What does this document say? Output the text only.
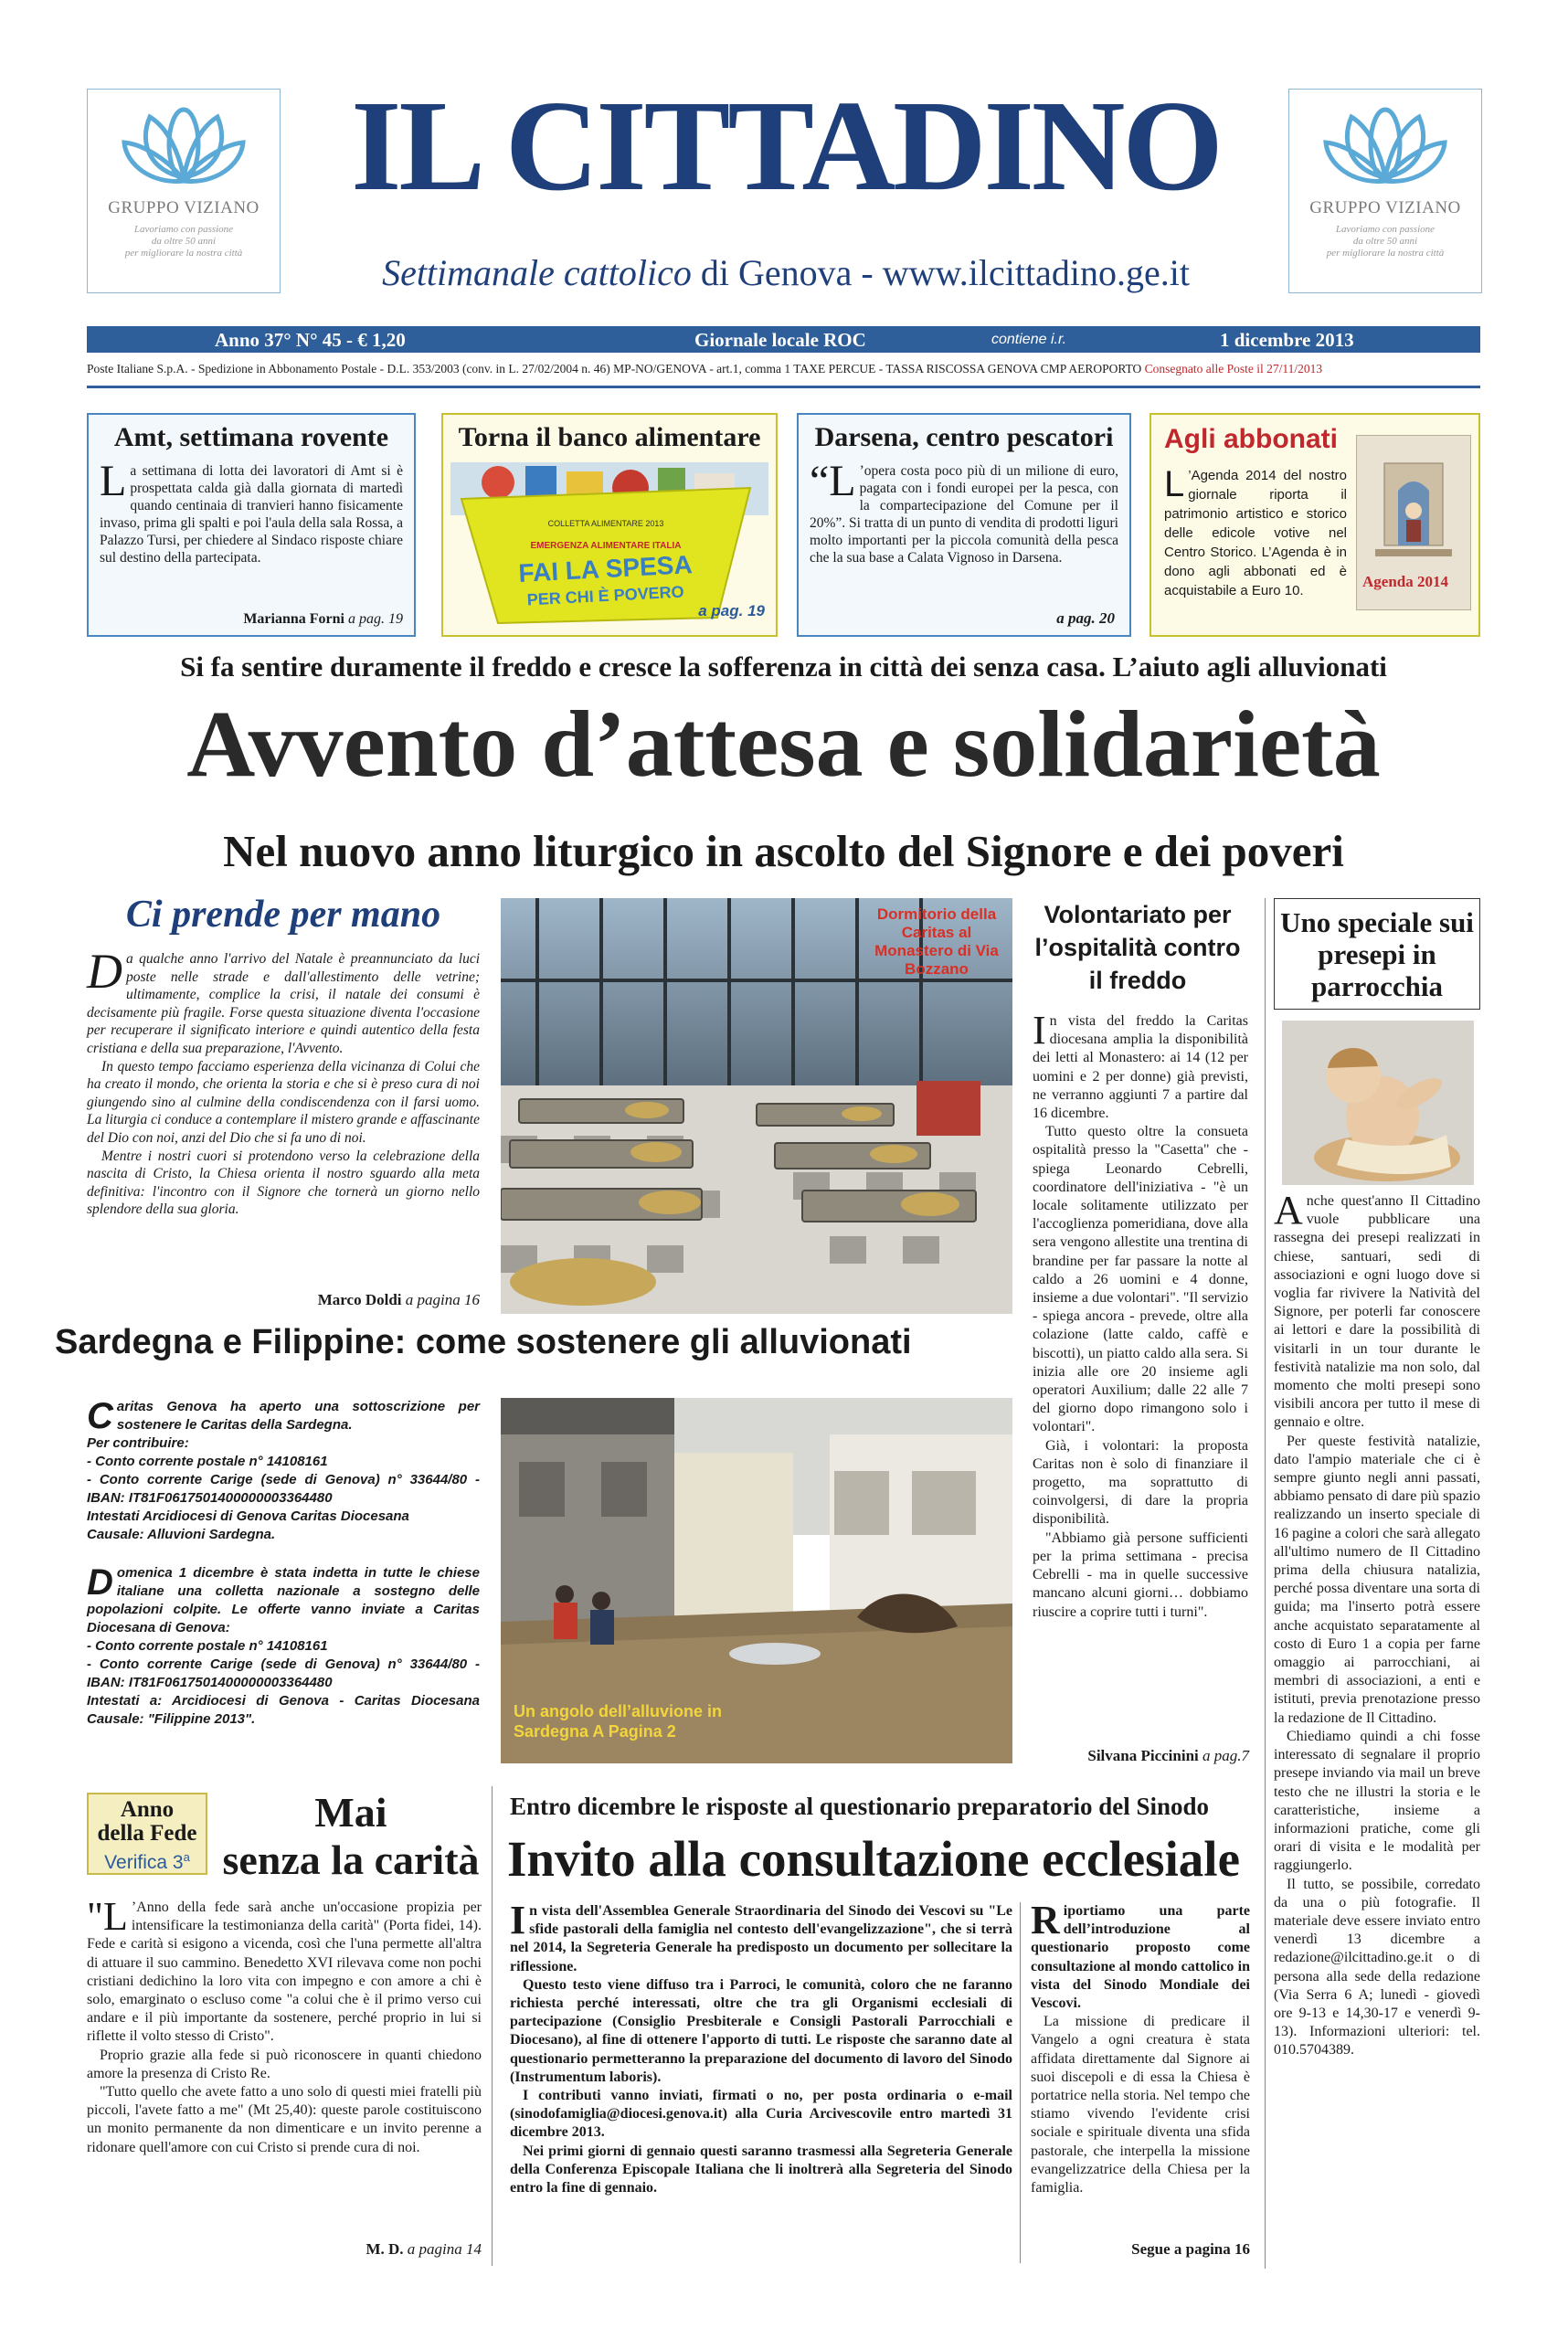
GRUPPO VIZIANO
Lavoriamo con passione
da oltre 50 anni
per migliorare la nostra città
GRUPPO VIZIANO
Lavoriamo con passione
da oltre 50 anni
per migliorare la nostra città
IL CITTADINO
Settimanale cattolico di Genova - www.ilcittadino.ge.it
Anno 37° N° 45 - € 1,20	Giornale locale ROC	contiene i.r.	1 dicembre 2013
Poste Italiane S.p.A. - Spedizione in Abbonamento Postale - D.L. 353/2003 (conv. in L. 27/02/2004 n. 46) MP-NO/GENOVA - art.1, comma 1 TAXE PERCUE - TASSA RISCOSSA GENOVA CMP AEROPORTO Consegnato alle Poste il 27/11/2013
Amt, settimana rovente
La settimana di lotta dei lavoratori di Amt si è prospettata calda già dalla giornata di martedì quando centinaia di tranvieri hanno fisicamente invaso, prima gli spalti e poi l'aula della sala Rossa, a Palazzo Tursi, per chiedere al Sindaco risposte chiare sul destino della partecipata.
Marianna Forni a pag. 19
Torna il banco alimentare
COLLETTA ALIMENTARE 2013
EMERGENZA ALIMENTARE ITALIA
FAI LA SPESA
PER CHI È POVERO
a pag. 19
Darsena, centro pescatori
“L ’opera costa poco più di un milione di euro, pagata con i fondi europei per la pesca, con la compartecipazione del Comune per il 20%”. Si tratta di un punto di vendita di prodotti liguri molto importanti per la piccola comunità della pesca che la sua base a Calata Vignoso in Darsena.
a pag. 20
Agli abbonati
L ’Agenda 2014 del nostro giornale riporta il patrimonio artistico e storico delle edicole votive nel Centro Storico. L’Agenda è in dono agli abbonati ed è acquistabile a Euro 10.
Agenda 2014
Si fa sentire duramente il freddo e cresce la sofferenza in città dei senza casa. L’aiuto agli alluvionati
Avvento d’attesa e solidarietà
Nel nuovo anno liturgico in ascolto del Signore e dei poveri
Ci prende per mano

Da qualche anno l'arrivo del Natale è preannunciato da luci poste nelle strade e dall'allestimento delle vetrine; ultimamente, complice la crisi, il natale dei consumi è decisamente più fragile. Forse questa situazione diventa l'occasione per recuperare il significato interiore e quindi autentico della festa cristiana e della sua preparazione, l'Avvento.

In questo tempo facciamo esperienza della vicinanza di Colui che ha creato il mondo, che orienta la storia e che si è preso cura di noi giungendo sino al culmine della condiscendenza con il farsi uomo. La liturgia ci conduce a contemplare il mistero grande e affascinante del Dio con noi, anzi del Dio che si fa uno di noi.

Mentre i nostri cuori si protendono verso la celebrazione della nascita di Cristo, la Chiesa orienta il nostro sguardo alla meta definitiva: l'incontro con il Signore che tornerà un giorno nello splendore della sua gloria.

Marco Doldi a pagina 16
Dormitorio della Caritas al Monastero di Via Bozzano
Sardegna e Filippine: come sostenere gli alluvionati
Caritas Genova ha aperto una sottoscrizione per sostenere le Caritas della Sardegna.
Per contribuire:
- Conto corrente postale n° 14108161
- Conto corrente Carige (sede di Genova) n° 33644/80 - IBAN: IT81F0617501400000003364480
Intestati Arcidiocesi di Genova Caritas Diocesana
Causale: Alluvioni Sardegna.
Domenica 1 dicembre è stata indetta in tutte le chiese italiane una colletta nazionale a sostegno delle popolazioni colpite. Le offerte vanno inviate a Caritas Diocesana di Genova:
- Conto corrente postale n° 14108161
- Conto corrente Carige (sede di Genova) n° 33644/80 - IBAN: IT81F0617501400000003364480
Intestati a: Arcidiocesi di Genova - Caritas Diocesana Causale: "Filippine 2013".	Un angolo dell’alluvione in Sardegna A Pagina 2
Volontariato per l’ospitalità contro il freddo

In vista del freddo la Caritas diocesana amplia la disponibilità dei letti al Monastero: ai 14 (12 per uomini e 2 per donne) già previsti, ne verranno aggiunti 7 a partire dal 16 dicembre.

Tutto questo oltre la consueta ospitalità presso la "Casetta" che - spiega Leonardo Cebrelli, coordinatore dell'iniziativa - "è un locale solitamente utilizzato per l'accoglienza pomeridiana, dove alla sera vengono allestite una trentina di brandine per far passare la notte al caldo a 26 uomini e 4 donne, insieme a due volontari". "Il servizio - spiega ancora - prevede, oltre alla colazione (latte caldo, caffè e biscotti), un piatto caldo alla sera. Si inizia alle ore 20 insieme agli operatori Auxilium; dalle 22 alle 7 del giorno dopo rimangono solo i volontari".

Già, i volontari: la proposta Caritas non è solo di finanziare il progetto, ma soprattutto di coinvolgersi, di dare la propria disponibilità.

"Abbiamo già persone sufficienti per la prima settimana - precisa Cebrelli - ma in quelle successive mancano alcuni giorni… dobbiamo riuscire a coprire tutti i turni".

Silvana Piccinini a pag.7
Uno speciale sui presepi in parrocchia

Anche quest'anno Il Cittadino vuole pubblicare una rassegna dei presepi realizzati in chiese, santuari, sedi di associazioni e ogni luogo dove si voglia far rivivere la Natività del Signore, per poterli far conoscere ai lettori e dare la possibilità di visitarli in un tour durante le festività natalizie ma non solo, dal momento che molti presepi sono visibili ancora per tutto il mese di gennaio e oltre.

Per queste festività natalizie, dato l'ampio materiale che ci è sempre giunto negli anni passati, abbiamo pensato di dare più spazio realizzando un inserto speciale di 16 pagine a colori che sarà allegato all'ultimo numero de Il Cittadino prima della chiusura natalizia, perché possa diventare una sorta di guida; ma l'inserto potrà essere anche acquistato separatamente al costo di Euro 1 a copia per farne omaggio ai parrocchiani, ai membri di associazioni, a enti e istituti, previa prenotazione presso la redazione de Il Cittadino.

Chiediamo quindi a chi fosse interessato di segnalare il proprio presepe inviando via mail un breve testo che ne illustri la storia e le caratteristiche, insieme a informazioni pratiche, come gli orari di visita e le modalità per raggiungerlo.

Il tutto, se possibile, corredato da una o più fotografie. Il materiale deve essere inviato entro venerdì 13 dicembre a redazione@ilcittadino.ge.it o di persona alla sede della redazione (Via Serra 6 A; lunedì - giovedì ore 9-13 e 14,30-17 e venerdì 9-13). Informazioni ulteriori: tel. 010.5704389.

Anno
della Fede
Verifica 3$^a$
Mai
senza la carità

"L ’Anno della fede sarà anche un'occasione propizia per intensificare la testimonianza della carità" (Porta fidei, 14). Fede e carità si esigono a vicenda, così che l'una permette all'altra di attuare il suo cammino. Benedetto XVI rilevava come non pochi cristiani dedichino la loro vita con impegno e con amore a chi è solo, emarginato o escluso come "a colui che è il primo verso cui andare e il più importante da sostenere, perché proprio in lui si riflette il volto stesso di Cristo".

Proprio grazie alla fede si può riconoscere in quanti chiedono amore la presenza di Cristo Re.

"Tutto quello che avete fatto a uno solo di questi miei fratelli più piccoli, l'avete fatto a me" (Mt 25,40): queste parole costituiscono un monito permanente da non dimenticare e un invito perenne a ridonare quell'amore con cui Cristo si prende cura di noi.

M. D. a pagina 14
Entro dicembre le risposte al questionario preparatorio del Sinodo
Invito alla consultazione ecclesiale

In vista dell'Assemblea Generale Straordinaria del Sinodo dei Vescovi su "Le sfide pastorali della famiglia nel contesto dell'evangelizzazione", che si terrà nel 2014, la Segreteria Generale ha predisposto un documento per sollecitare la riflessione.

Questo testo viene diffuso tra i Parroci, le comunità, coloro che ne faranno richiesta perché interessati, oltre che tra gli Organismi ecclesiali di partecipazione (Consiglio Presbiterale e Consigli Pastorali Parrocchiali e Diocesano), al fine di ottenere l'apporto di tutti. Le risposte che saranno date al questionario permetteranno la preparazione del documento di lavoro del Sinodo (Instrumentum laboris).

I contributi vanno inviati, firmati o no, per posta ordinaria o e-mail (sinodofamiglia@diocesi.genova.it) alla Curia Arcivescovile entro martedì 31 dicembre 2013.

Nei primi giorni di gennaio questi saranno trasmessi alla Segreteria Generale della Conferenza Episcopale Italiana che li inoltrerà alla Segreteria del Sinodo entro la fine di gennaio.

Riportiamo una parte dell’introduzione al questionario proposto come consultazione al mondo cattolico in vista del Sinodo Mondiale dei Vescovi.

La missione di predicare il Vangelo a ogni creatura è stata affidata direttamente dal Signore ai suoi discepoli e di essa la Chiesa è portatrice nella storia. Nel tempo che stiamo vivendo l'evidente crisi sociale e spirituale diventa una sfida pastorale, che interpella la missione evangelizzatrice della Chiesa per la famiglia.

Segue a pagina 16
